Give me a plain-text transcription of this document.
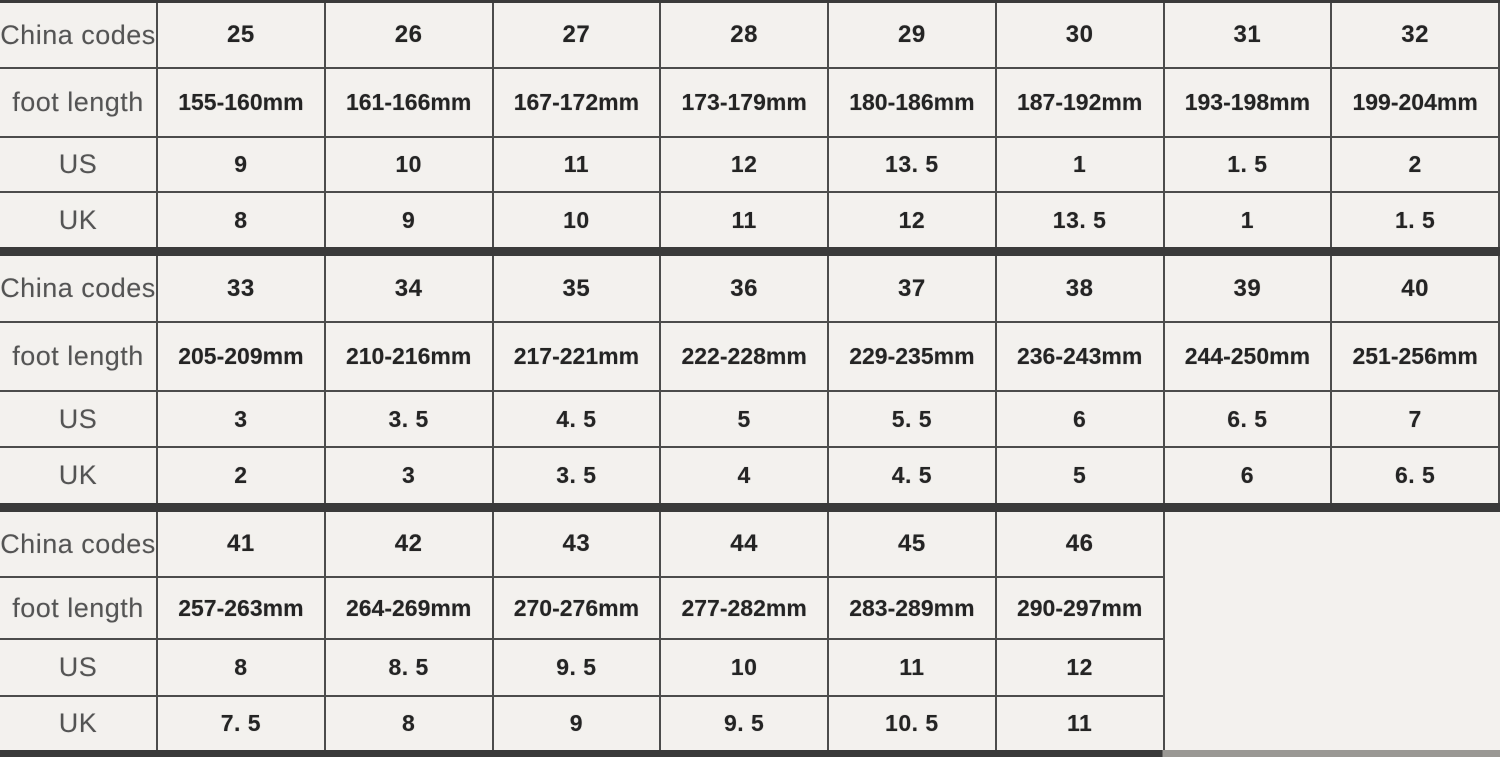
China codes	25	26	27	28	29	30	31	32
foot length	155-160mm	161-166mm	167-172mm	173-179mm	180-186mm	187-192mm	193-198mm	199-204mm
US	9	10	11	12	13. 5	1	1. 5	2
UK	8	9	10	11	12	13. 5	1	1. 5
China codes	33	34	35	36	37	38	39	40
foot length	205-209mm	210-216mm	217-221mm	222-228mm	229-235mm	236-243mm	244-250mm	251-256mm
US	3	3. 5	4. 5	5	5. 5	6	6. 5	7
UK	2	3	3. 5	4	4. 5	5	6	6. 5
China codes	41	42	43	44	45	46
foot length	257-263mm	264-269mm	270-276mm	277-282mm	283-289mm	290-297mm
US	8	8. 5	9. 5	10	11	12
UK	7. 5	8	9	9. 5	10. 5	11
